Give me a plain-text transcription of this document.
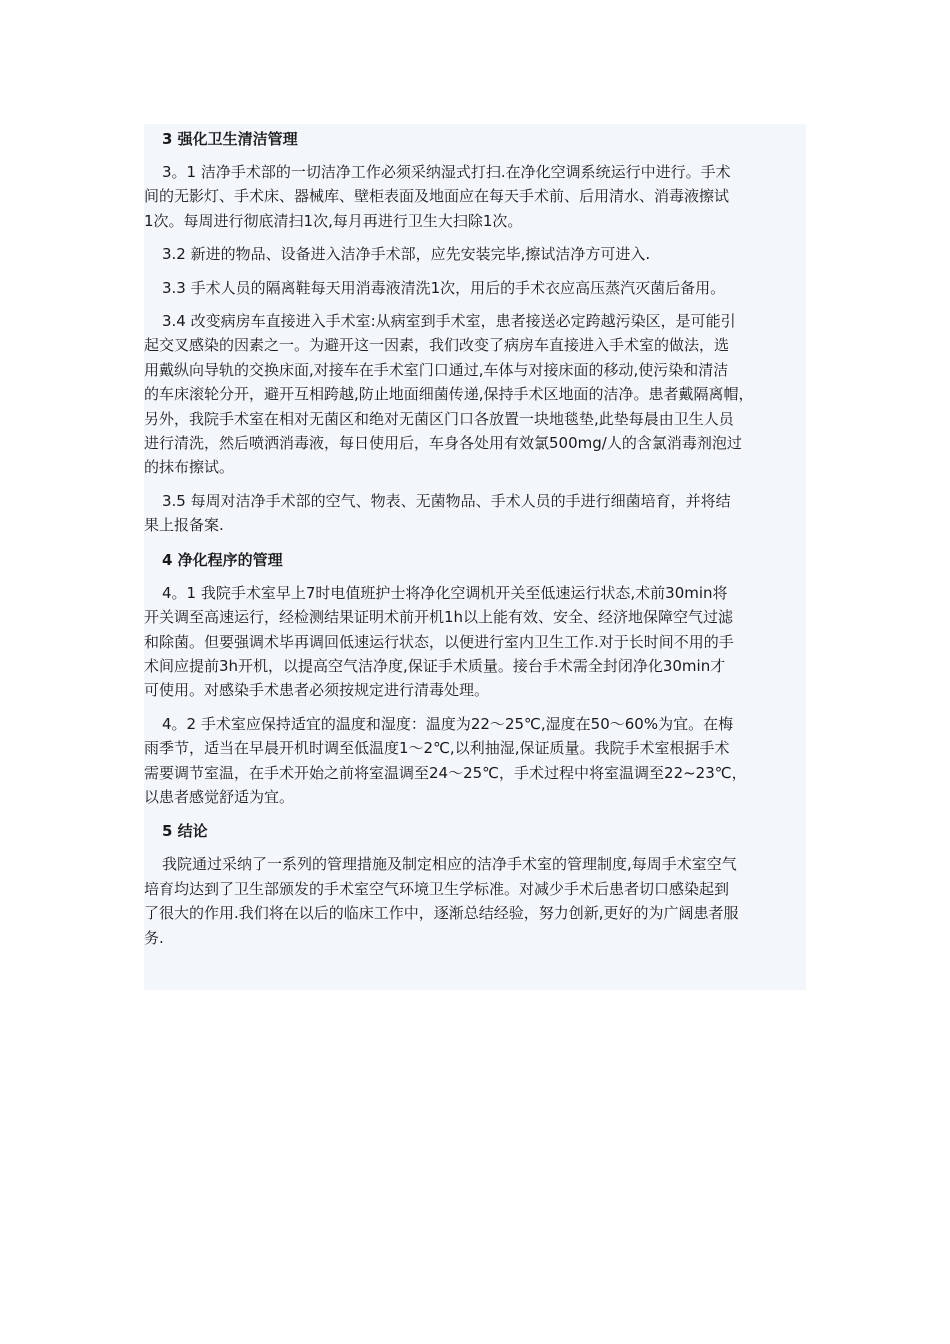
3 强化卫生清洁管理
3。1 洁净手术部的一切洁净工作必须采纳湿式打扫.在净化空调系统运行中进行。手术
间的无影灯、手术床、器械库、壁柜表面及地面应在每天手术前、后用清水、消毒液擦试
1次。每周进行彻底清扫1次,每月再进行卫生大扫除1次。
3.2 新进的物品、设备进入洁净手术部，应先安装完毕,擦试洁净方可进入.
3.3 手术人员的隔离鞋每天用消毒液清洗1次，用后的手术衣应高压蒸汽灭菌后备用。
3.4 改变病房车直接进入手术室:从病室到手术室，患者接送必定跨越污染区，是可能引
起交叉感染的因素之一。为避开这一因素，我们改变了病房车直接进入手术室的做法，选
用戴纵向导轨的交换床面,对接车在手术室门口通过,车体与对接床面的移动,使污染和清洁
的车床滚轮分开，避开互相跨越,防止地面细菌传递,保持手术区地面的洁净。患者戴隔离帽，
另外，我院手术室在相对无菌区和绝对无菌区门口各放置一块地毯垫,此垫每晨由卫生人员
进行清洗，然后喷洒消毒液，每日使用后，车身各处用有效氯500mg/人的含氯消毒剂泡过
的抹布擦试。
3.5 每周对洁净手术部的空气、物表、无菌物品、手术人员的手进行细菌培育，并将结
果上报备案.
4 净化程序的管理
4。1 我院手术室早上7时电值班护士将净化空调机开关至低速运行状态,术前30min将
开关调至高速运行，经检测结果证明术前开机1h以上能有效、安全、经济地保障空气过滤
和除菌。但要强调术毕再调回低速运行状态，以便进行室内卫生工作.对于长时间不用的手
术间应提前3h开机，以提高空气洁净度,保证手术质量。接台手术需全封闭净化30min才
可使用。对感染手术患者必须按规定进行清毒处理。
4。2 手术室应保持适宜的温度和湿度：温度为22～25℃,湿度在50～60%为宜。在梅
雨季节，适当在早晨开机时调至低温度1～2℃,以利抽湿,保证质量。我院手术室根据手术
需要调节室温，在手术开始之前将室温调至24～25℃，手术过程中将室温调至22~23℃，
以患者感觉舒适为宜。
5 结论
我院通过采纳了一系列的管理措施及制定相应的洁净手术室的管理制度,每周手术室空气
培育均达到了卫生部颁发的手术室空气环境卫生学标准。对减少手术后患者切口感染起到
了很大的作用.我们将在以后的临床工作中，逐渐总结经验，努力创新,更好的为广阔患者服
务.
